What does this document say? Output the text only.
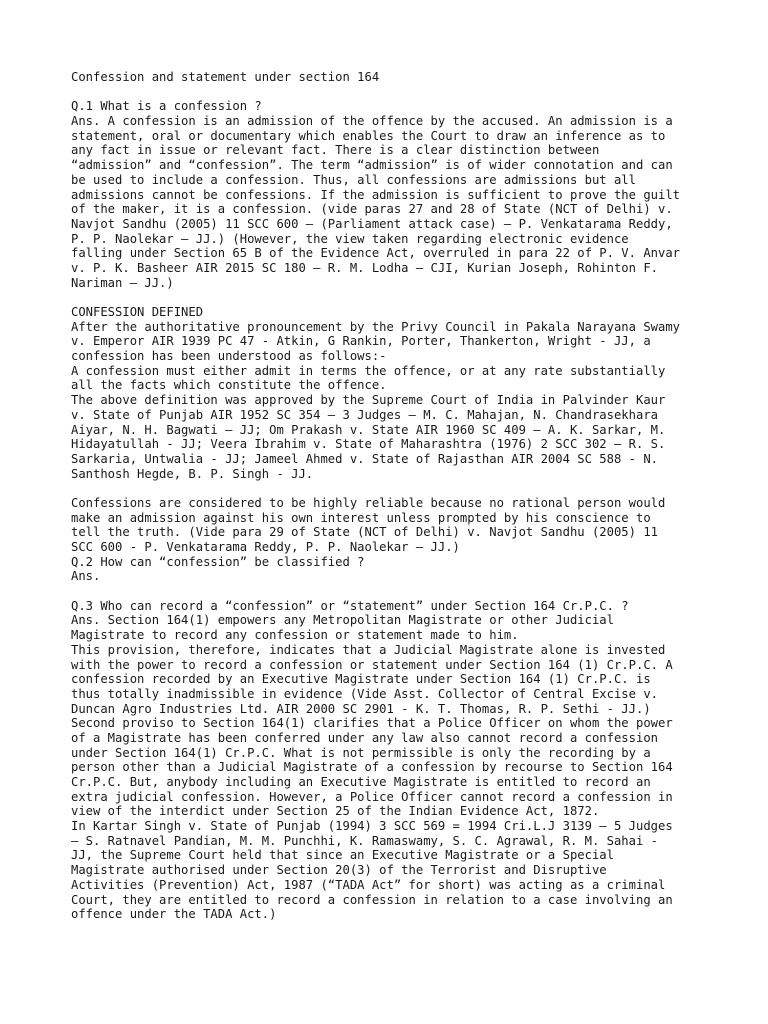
Confession and statement under section 164
Q.1 What is a confession ?
Ans. A confession is an admission of the offence by the accused. An admission is a
statement, oral or documentary which enables the Court to draw an inference as to
any fact in issue or relevant fact. There is a clear distinction between
“admission” and “confession”. The term “admission” is of wider connotation and can
be used to include a confession. Thus, all confessions are admissions but all
admissions cannot be confessions. If the admission is sufficient to prove the guilt
of the maker, it is a confession. (vide paras 27 and 28 of State (NCT of Delhi) v.
Navjot Sandhu (2005) 11 SCC 600 – (Parliament attack case) – P. Venkatarama Reddy,
P. P. Naolekar – JJ.) (However, the view taken regarding electronic evidence
falling under Section 65 B of the Evidence Act, overruled in para 22 of P. V. Anvar
v. P. K. Basheer AIR 2015 SC 180 – R. M. Lodha – CJI, Kurian Joseph, Rohinton F.
Nariman – JJ.)
CONFESSION DEFINED
After the authoritative pronouncement by the Privy Council in Pakala Narayana Swamy
v. Emperor AIR 1939 PC 47 - Atkin, G Rankin, Porter, Thankerton, Wright - JJ, a
confession has been understood as follows:-
A confession must either admit in terms the offence, or at any rate substantially
all the facts which constitute the offence.
The above definition was approved by the Supreme Court of India in Palvinder Kaur
v. State of Punjab AIR 1952 SC 354 – 3 Judges – M. C. Mahajan, N. Chandrasekhara
Aiyar, N. H. Bagwati – JJ; Om Prakash v. State AIR 1960 SC 409 – A. K. Sarkar, M.
Hidayatullah - JJ; Veera Ibrahim v. State of Maharashtra (1976) 2 SCC 302 – R. S.
Sarkaria, Untwalia - JJ; Jameel Ahmed v. State of Rajasthan AIR 2004 SC 588 - N.
Santhosh Hegde, B. P. Singh - JJ.
Confessions are considered to be highly reliable because no rational person would
make an admission against his own interest unless prompted by his conscience to
tell the truth. (Vide para 29 of State (NCT of Delhi) v. Navjot Sandhu (2005) 11
SCC 600 - P. Venkatarama Reddy, P. P. Naolekar – JJ.)
Q.2 How can “confession” be classified ?
Ans.
Q.3 Who can record a “confession” or “statement” under Section 164 Cr.P.C. ?
Ans. Section 164(1) empowers any Metropolitan Magistrate or other Judicial
Magistrate to record any confession or statement made to him.
This provision, therefore, indicates that a Judicial Magistrate alone is invested
with the power to record a confession or statement under Section 164 (1) Cr.P.C. A
confession recorded by an Executive Magistrate under Section 164 (1) Cr.P.C. is
thus totally inadmissible in evidence (Vide Asst. Collector of Central Excise v.
Duncan Agro Industries Ltd. AIR 2000 SC 2901 - K. T. Thomas, R. P. Sethi - JJ.)
Second proviso to Section 164(1) clarifies that a Police Officer on whom the power
of a Magistrate has been conferred under any law also cannot record a confession
under Section 164(1) Cr.P.C. What is not permissible is only the recording by a
person other than a Judicial Magistrate of a confession by recourse to Section 164
Cr.P.C. But, anybody including an Executive Magistrate is entitled to record an
extra judicial confession. However, a Police Officer cannot record a confession in
view of the interdict under Section 25 of the Indian Evidence Act, 1872.
In Kartar Singh v. State of Punjab (1994) 3 SCC 569 = 1994 Cri.L.J 3139 – 5 Judges
– S. Ratnavel Pandian, M. M. Punchhi, K. Ramaswamy, S. C. Agrawal, R. M. Sahai -
JJ, the Supreme Court held that since an Executive Magistrate or a Special
Magistrate authorised under Section 20(3) of the Terrorist and Disruptive
Activities (Prevention) Act, 1987 (“TADA Act” for short) was acting as a criminal
Court, they are entitled to record a confession in relation to a case involving an
offence under the TADA Act.)
